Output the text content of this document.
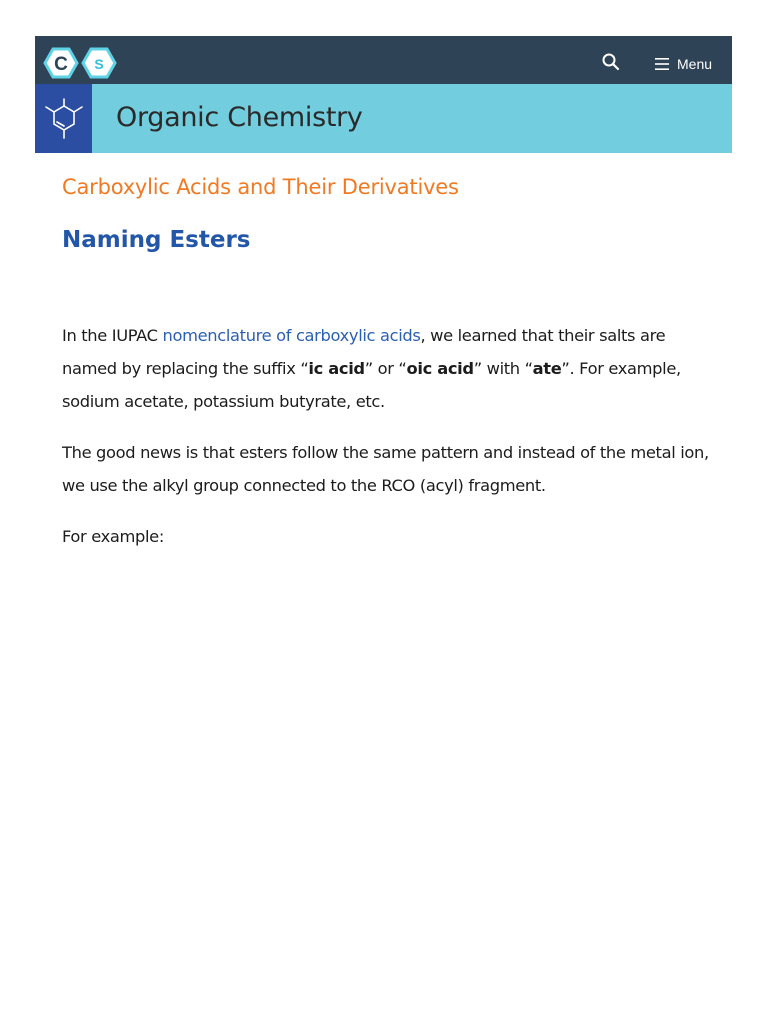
C S	Menu
Organic Chemistry
Carboxylic Acids and Their Derivatives
Naming Esters

In the IUPAC nomenclature of carboxylic acids, we learned that their salts are named by replacing the suffix “ic acid” or “oic acid” with “ate”. For example, sodium acetate, potassium butyrate, etc.

The good news is that esters follow the same pattern and instead of the metal ion, we use the alkyl group connected to the RCO (acyl) fragment.

For example:
